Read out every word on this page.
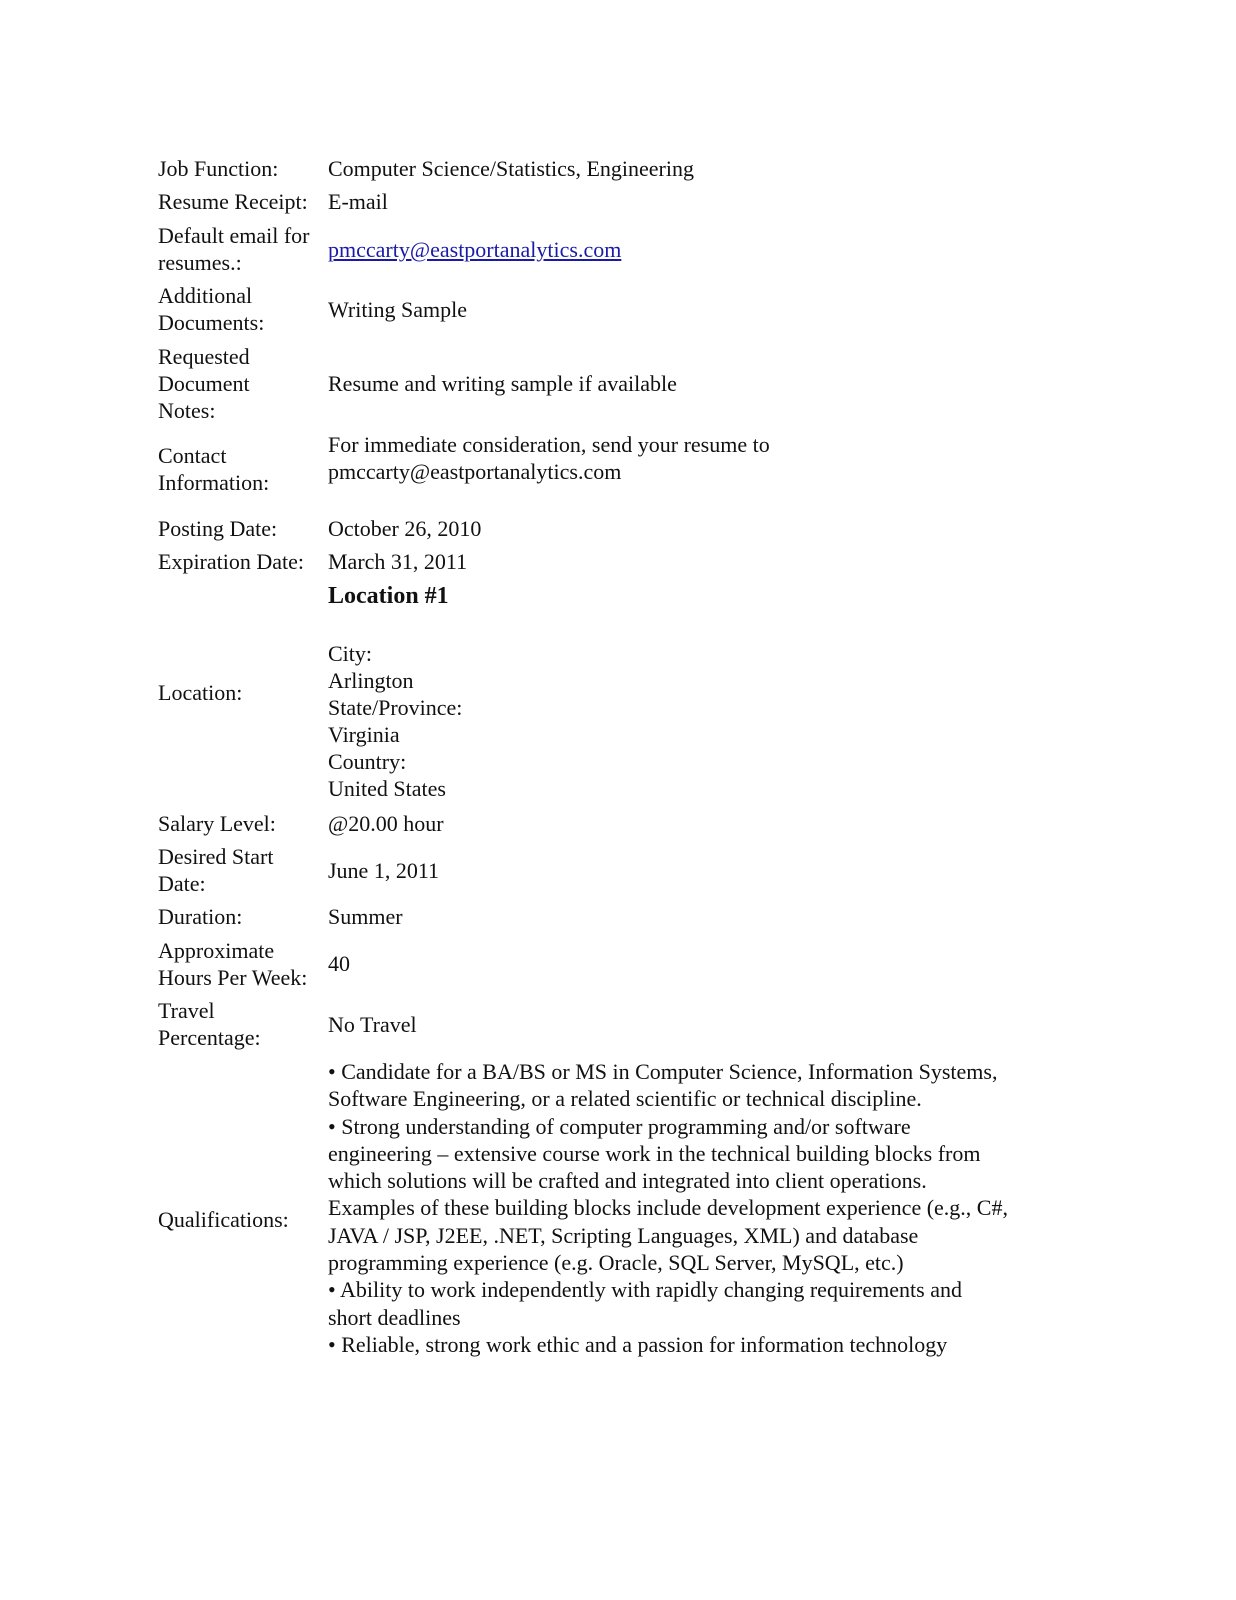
Job Function: Computer Science/Statistics, Engineering
Resume Receipt: E-mail
Default email for
resumes.:
pmccarty@eastportanalytics.com
Additional
Documents:
Writing Sample
Requested
Document
Notes:
Resume and writing sample if available
Contact
Information:
For immediate consideration, send your resume to
pmccarty@eastportanalytics.com
Posting Date: October 26, 2010
Expiration Date: March 31, 2011
Location #1
Location:
City:
Arlington
State/Province:
Virginia
Country:
United States
Salary Level: @20.00 hour
Desired Start
Date:
June 1, 2011
Duration:	Summer
Approximate
Hours Per Week:
40
Travel
Percentage:
No Travel
Qualifications:
• Candidate for a BA/BS or MS in Computer Science, Information Systems,
Software Engineering, or a related scientific or technical discipline.
• Strong understanding of computer programming and/or software
engineering – extensive course work in the technical building blocks from
which solutions will be crafted and integrated into client operations.
Examples of these building blocks include development experience (e.g., C#,
JAVA / JSP, J2EE, .NET, Scripting Languages, XML) and database
programming experience (e.g. Oracle, SQL Server, MySQL, etc.)
• Ability to work independently with rapidly changing requirements and
short deadlines
• Reliable, strong work ethic and a passion for information technology
